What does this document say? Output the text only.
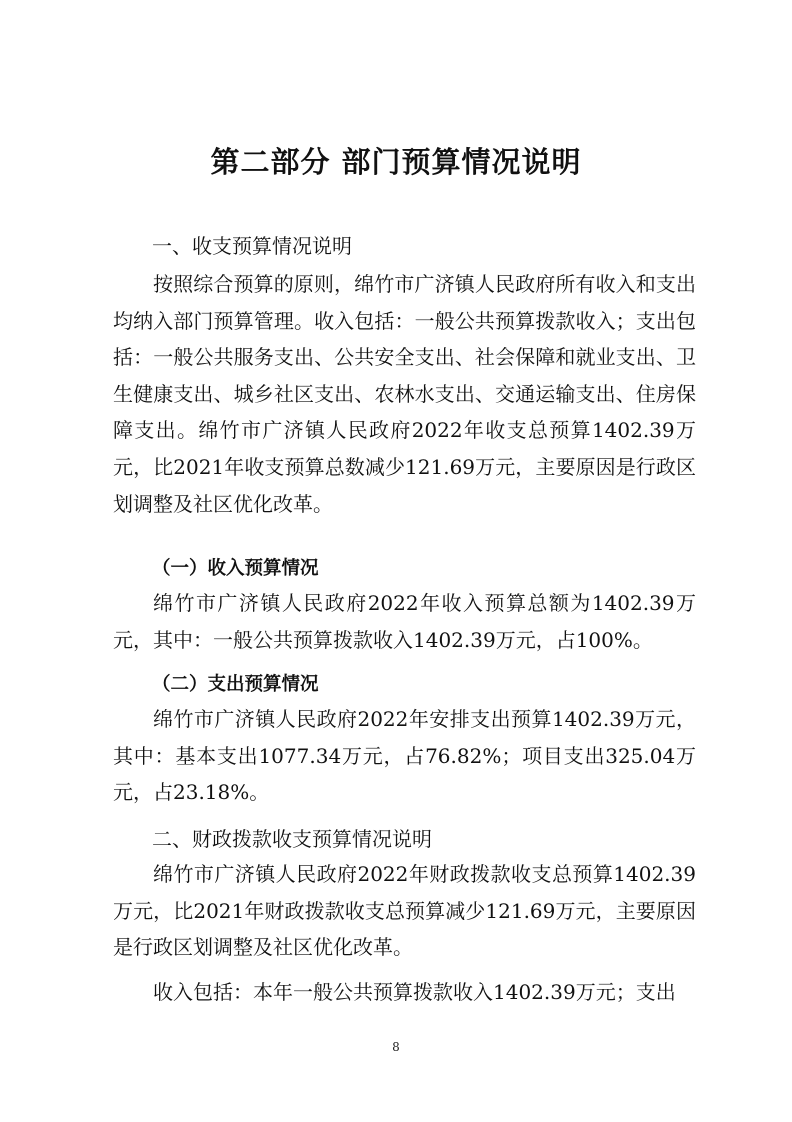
第二部分 部门预算情况说明
一、收支预算情况说明

按照综合预算的原则，绵竹市广济镇人民政府所有收入和支出均纳入部门预算管理。收入包括：一般公共预算拨款收入；支出包括：一般公共服务支出、公共安全支出、社会保障和就业支出、卫生健康支出、城乡社区支出、农林水支出、交通运输支出、住房保障支出。绵竹市广济镇人民政府2022年收支总预算1402.39万元，比2021年收支预算总数减少121.69万元，主要原因是行政区划调整及社区优化改革。

（一）收入预算情况

绵竹市广济镇人民政府2022年收入预算总额为1402.39万元，其中：一般公共预算拨款收入1402.39万元，占100%。

（二）支出预算情况

绵竹市广济镇人民政府2022年安排支出预算1402.39万元，其中：基本支出1077.34万元，占76.82%；项目支出325.04万元，占23.18%。

二、财政拨款收支预算情况说明

绵竹市广济镇人民政府2022年财政拨款收支总预算1402.39万元，比2021年财政拨款收支总预算减少121.69万元，主要原因是行政区划调整及社区优化改革。

收入包括：本年一般公共预算拨款收入1402.39万元；支出

8
